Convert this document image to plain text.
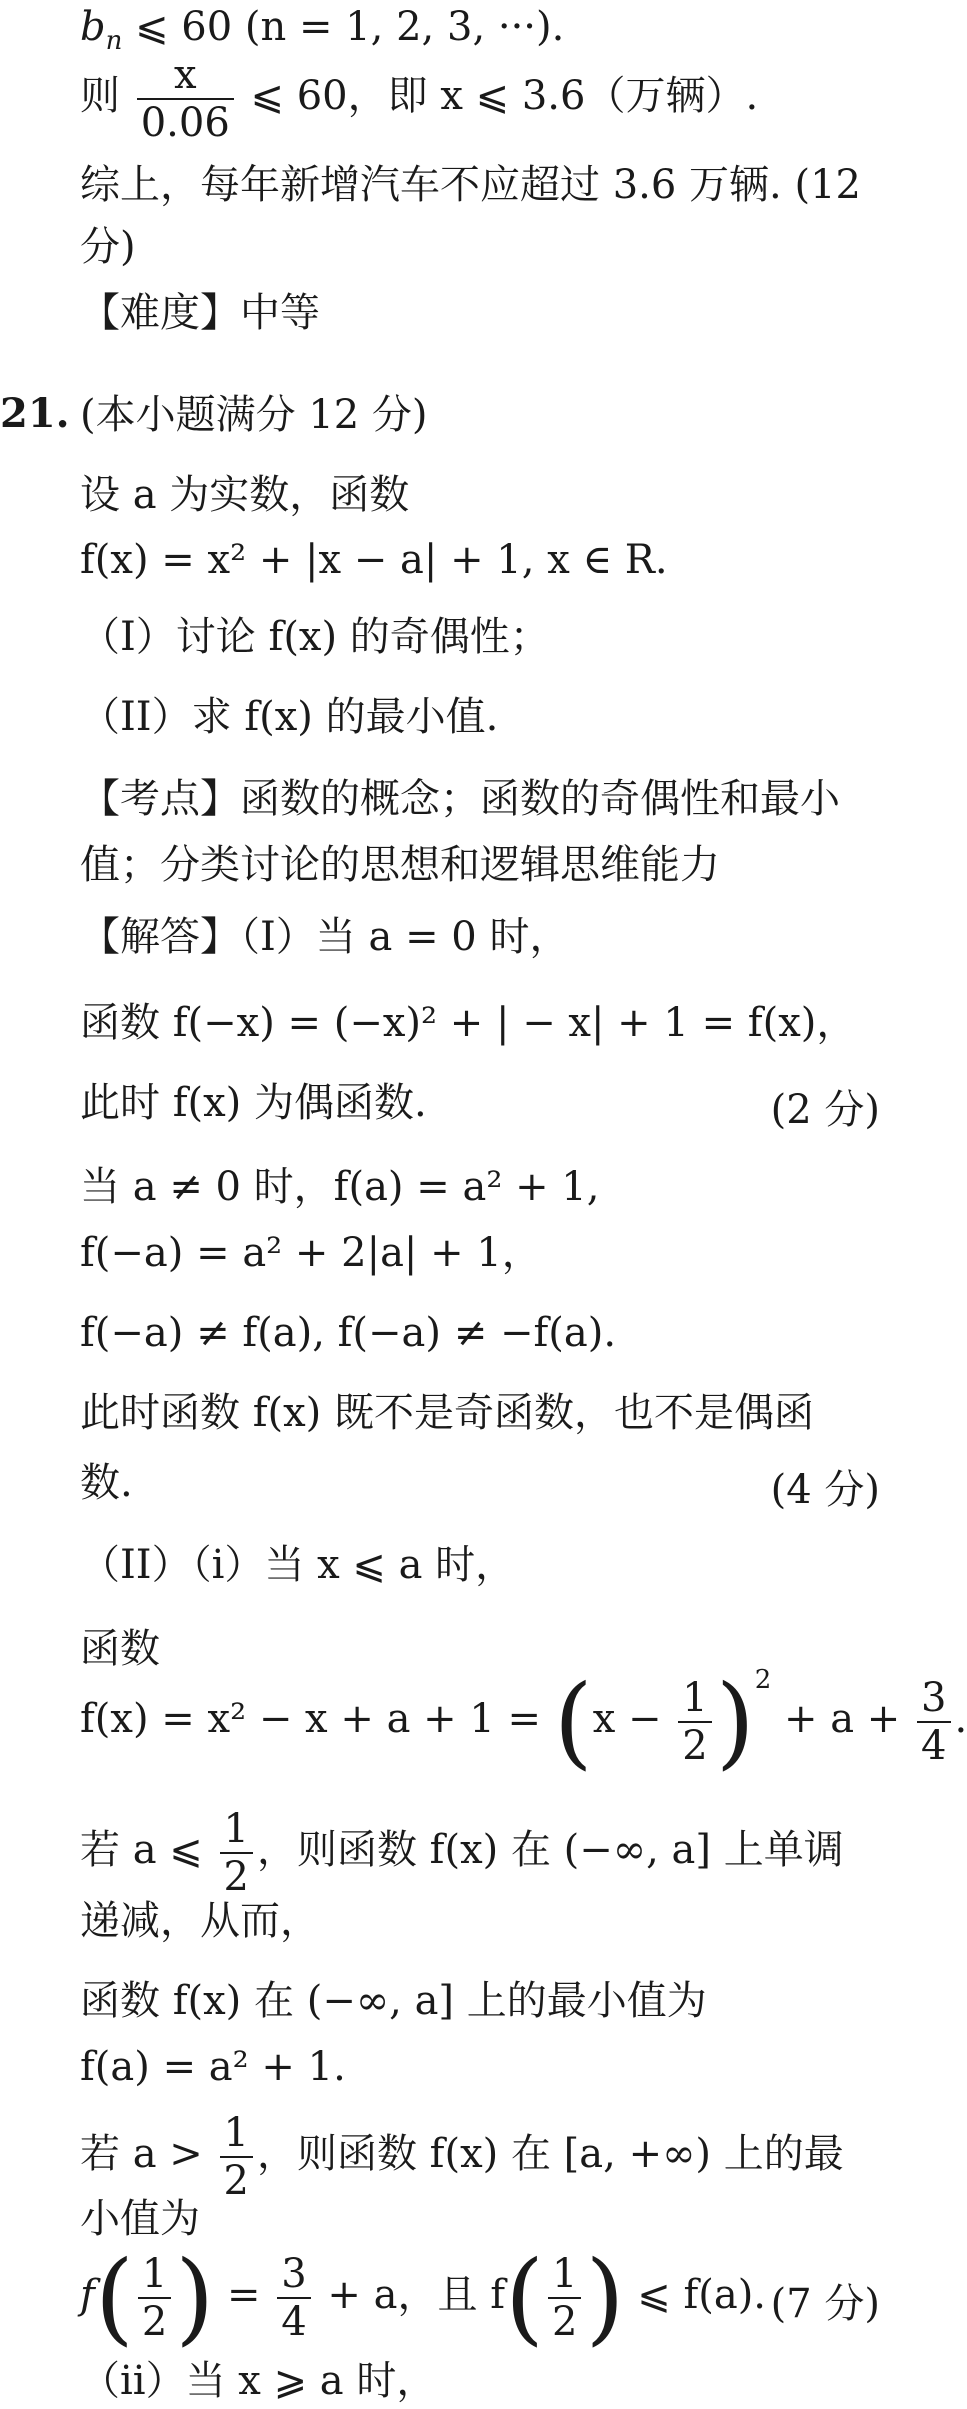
$b_n$ ⩽ 60 (n = 1, 2, 3, ···).
则 $\frac{x}{0.06}$ ⩽ 60，即 x ⩽ 3.6（万辆）.
综上，每年新增汽车不应超过 3.6 万辆. (12
分)
【难度】中等
21. (本小题满分 12 分)
设 a 为实数，函数
f(x) = x² + |x − a| + 1, x ∈ R.
（I）讨论 f(x) 的奇偶性；
（II）求 f(x) 的最小值.
【考点】函数的概念；函数的奇偶性和最小
值；分类讨论的思想和逻辑思维能力
【解答】（I）当 a = 0 时，
函数 f(−x) = (−x)² + | − x| + 1 = f(x)，
此时 f(x) 为偶函数.	(2 分)
当 a ≠ 0 时，f(a) = a² + 1,
f(−a) = a² + 2|a| + 1，
f(−a) ≠ f(a), f(−a) ≠ −f(a).
此时函数 f(x) 既不是奇函数，也不是偶函
数.	(4 分)
（II）（i）当 x ⩽ a 时，
函数
$f(x) = x^2 - x + a + 1 = (x - \frac{1}{2} )^2 + a + \frac{3}{4}$ .
若 a ⩽ $\frac{1}{2}$ ，则函数 f(x) 在 (−∞, a] 上单调
递减，从而，
函数 f(x) 在 (−∞, a] 上的最小值为
f(a) = a² + 1.
若 $a > \frac{1}{2}$ ，则函数 f(x) 在 [a, +∞) 上的最
小值为
$f( \frac{1}{2}$ ) = $\frac{3}{4} + a$，且 $f( \frac{1}{2}$ ) ⩽ f(a). (7 分)
（ii）当 x ⩾ a 时，
